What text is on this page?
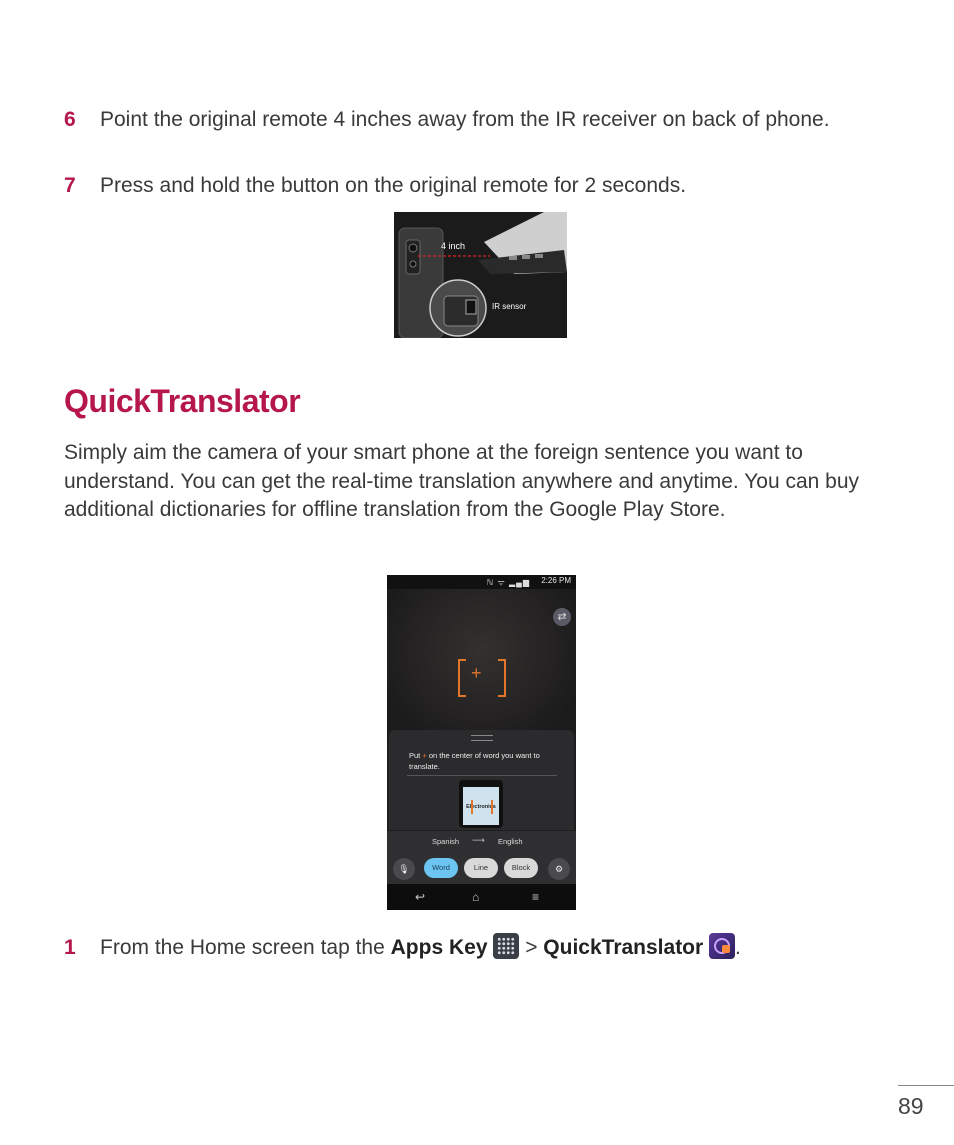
6 Point the original remote 4 inches away from the IR receiver on back of phone.
7 Press and hold the button on the original remote for 2 seconds.
4 inch
IR sensor
QuickTranslator
Simply aim the camera of your smart phone at the foreign sentence you want to understand. You can get the real-time translation anywhere and anytime. You can buy additional dictionaries for offline translation from the Google Play Store.
ℕ ᯤ ▂▄▆ 2:26 PM
⇄
+
Put + on the center of word you want to translate.
Electronics
Spanish ⟶ English
🎙	Word	Line	Block	⚙
↩	⌂	≡
1 From the Home screen tap the Apps Key > QuickTranslator .
89
